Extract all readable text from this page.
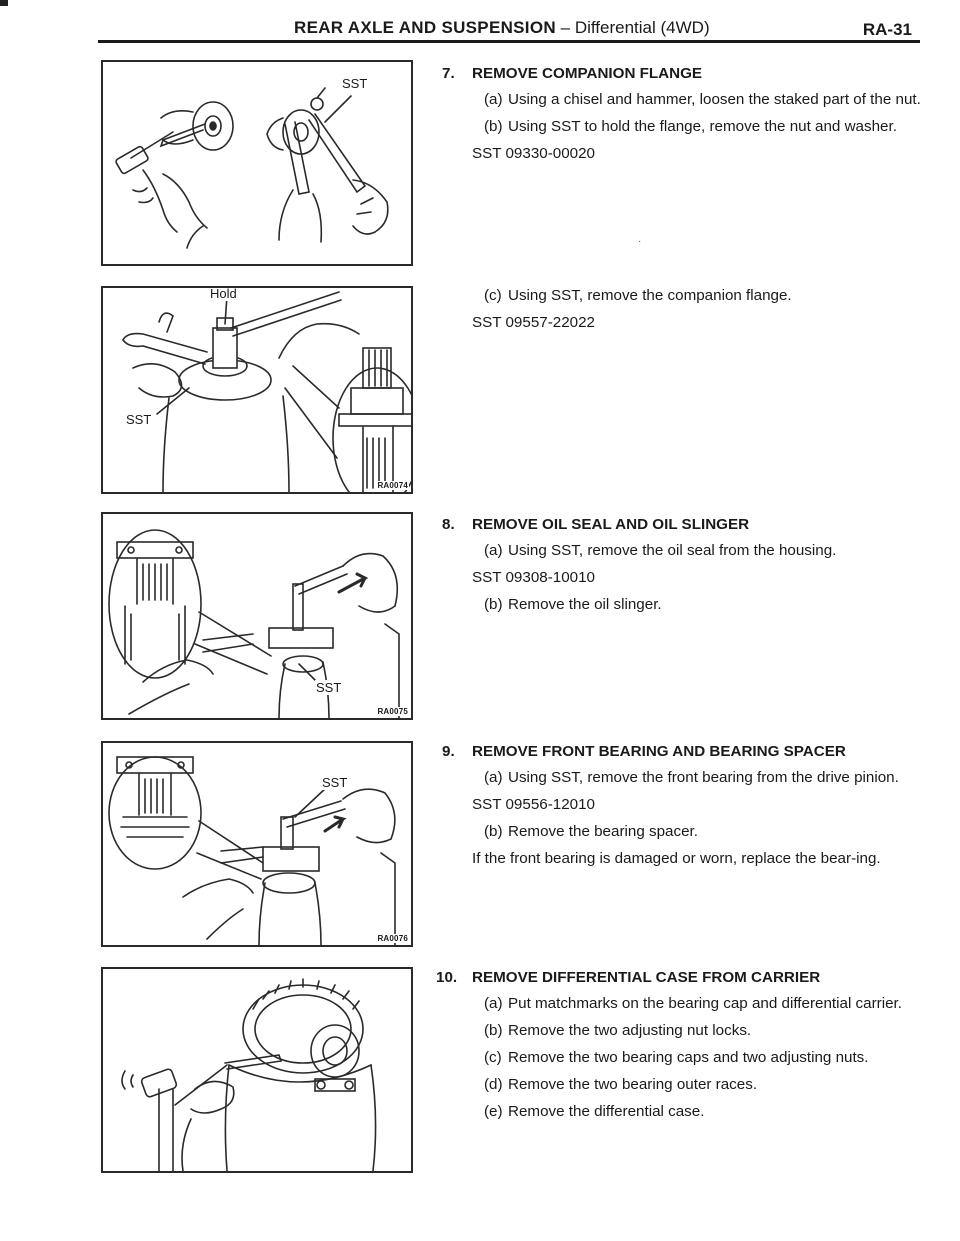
REAR AXLE AND SUSPENSION – Differential (4WD)	RA-31
SST
Hold
SST
RA0074
SST
RA0075
SST
RA0076
7. REMOVE COMPANION FLANGE
(a) Using a chisel and hammer, loosen the staked part of the nut.
(b) Using SST to hold the flange, remove the nut and washer.
SST 09330-00020
(c) Using SST, remove the companion flange.
SST 09557-22022
·
8. REMOVE OIL SEAL AND OIL SLINGER
(a) Using SST, remove the oil seal from the housing.
SST 09308-10010
(b) Remove the oil slinger.
9. REMOVE FRONT BEARING AND BEARING SPACER
(a) Using SST, remove the front bearing from the drive pinion.
SST 09556-12010
(b) Remove the bearing spacer.
If the front bearing is damaged or worn, replace the bear-ing.
10. REMOVE DIFFERENTIAL CASE FROM CARRIER
(a) Put matchmarks on the bearing cap and differential carrier.
(b) Remove the two adjusting nut locks.
(c) Remove the two bearing caps and two adjusting nuts.
(d) Remove the two bearing outer races.
(e) Remove the differential case.
